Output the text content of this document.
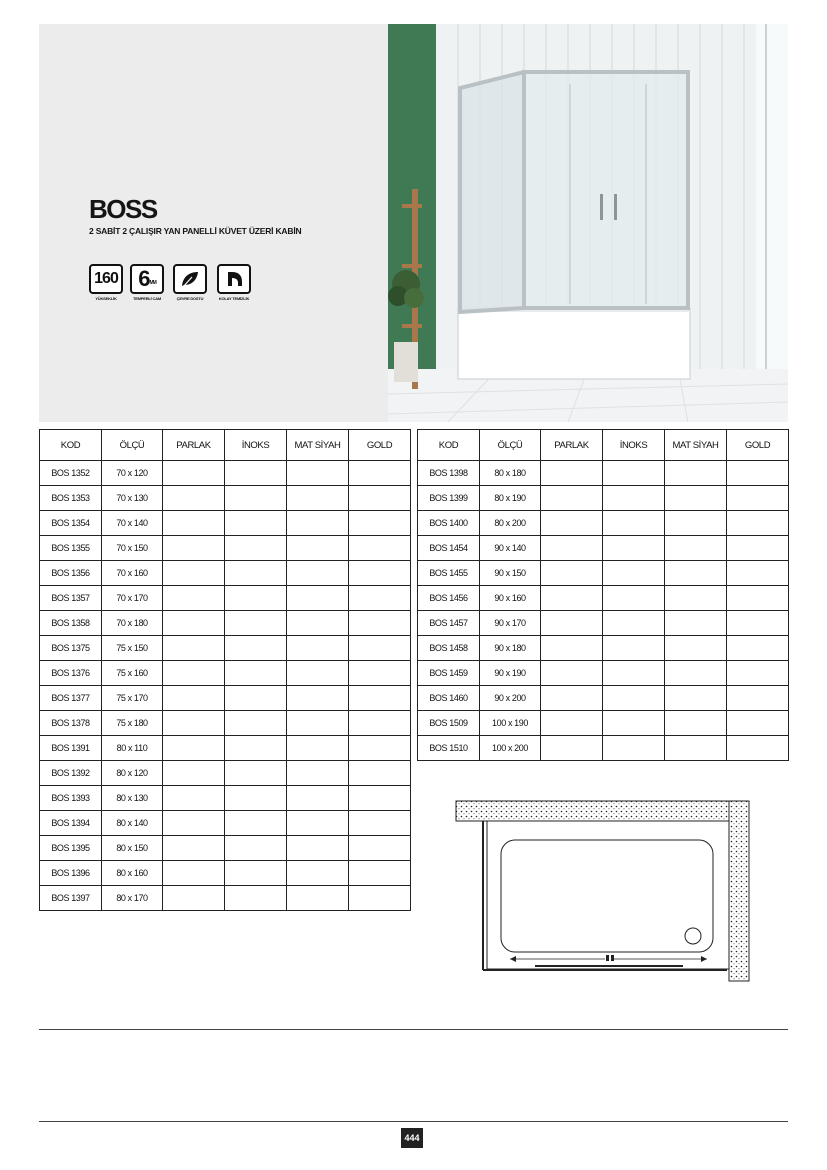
BOSS
2 SABİT 2 ÇALIŞIR YAN PANELLİ KÜVET ÜZERİ KABİN
160
YÜKSEKLİK
6 MM
TEMPERLİ CAM	ÇEVRE DOSTU	KOLAY TEMİZLİK
KOD	ÖLÇÜ	PARLAK	İNOKS	MAT SİYAH	GOLD
BOS 1352	70 x 120				
BOS 1353	70 x 130				
BOS 1354	70 x 140				
BOS 1355	70 x 150				
BOS 1356	70 x 160				
BOS 1357	70 x 170				
BOS 1358	70 x 180				
BOS 1375	75 x 150				
BOS 1376	75 x 160				
BOS 1377	75 x 170				
BOS 1378	75 x 180				
BOS 1391	80 x 110				
BOS 1392	80 x 120				
BOS 1393	80 x 130				
BOS 1394	80 x 140				
BOS 1395	80 x 150				
BOS 1396	80 x 160				
BOS 1397	80 x 170				
KOD	ÖLÇÜ	PARLAK	İNOKS	MAT SİYAH	GOLD
BOS 1398	80 x 180				
BOS 1399	80 x 190				
BOS 1400	80 x 200				
BOS 1454	90 x 140				
BOS 1455	90 x 150				
BOS 1456	90 x 160				
BOS 1457	90 x 170				
BOS 1458	90 x 180				
BOS 1459	90 x 190				
BOS 1460	90 x 200				
BOS 1509	100 x 190				
BOS 1510	100 x 200				
444
